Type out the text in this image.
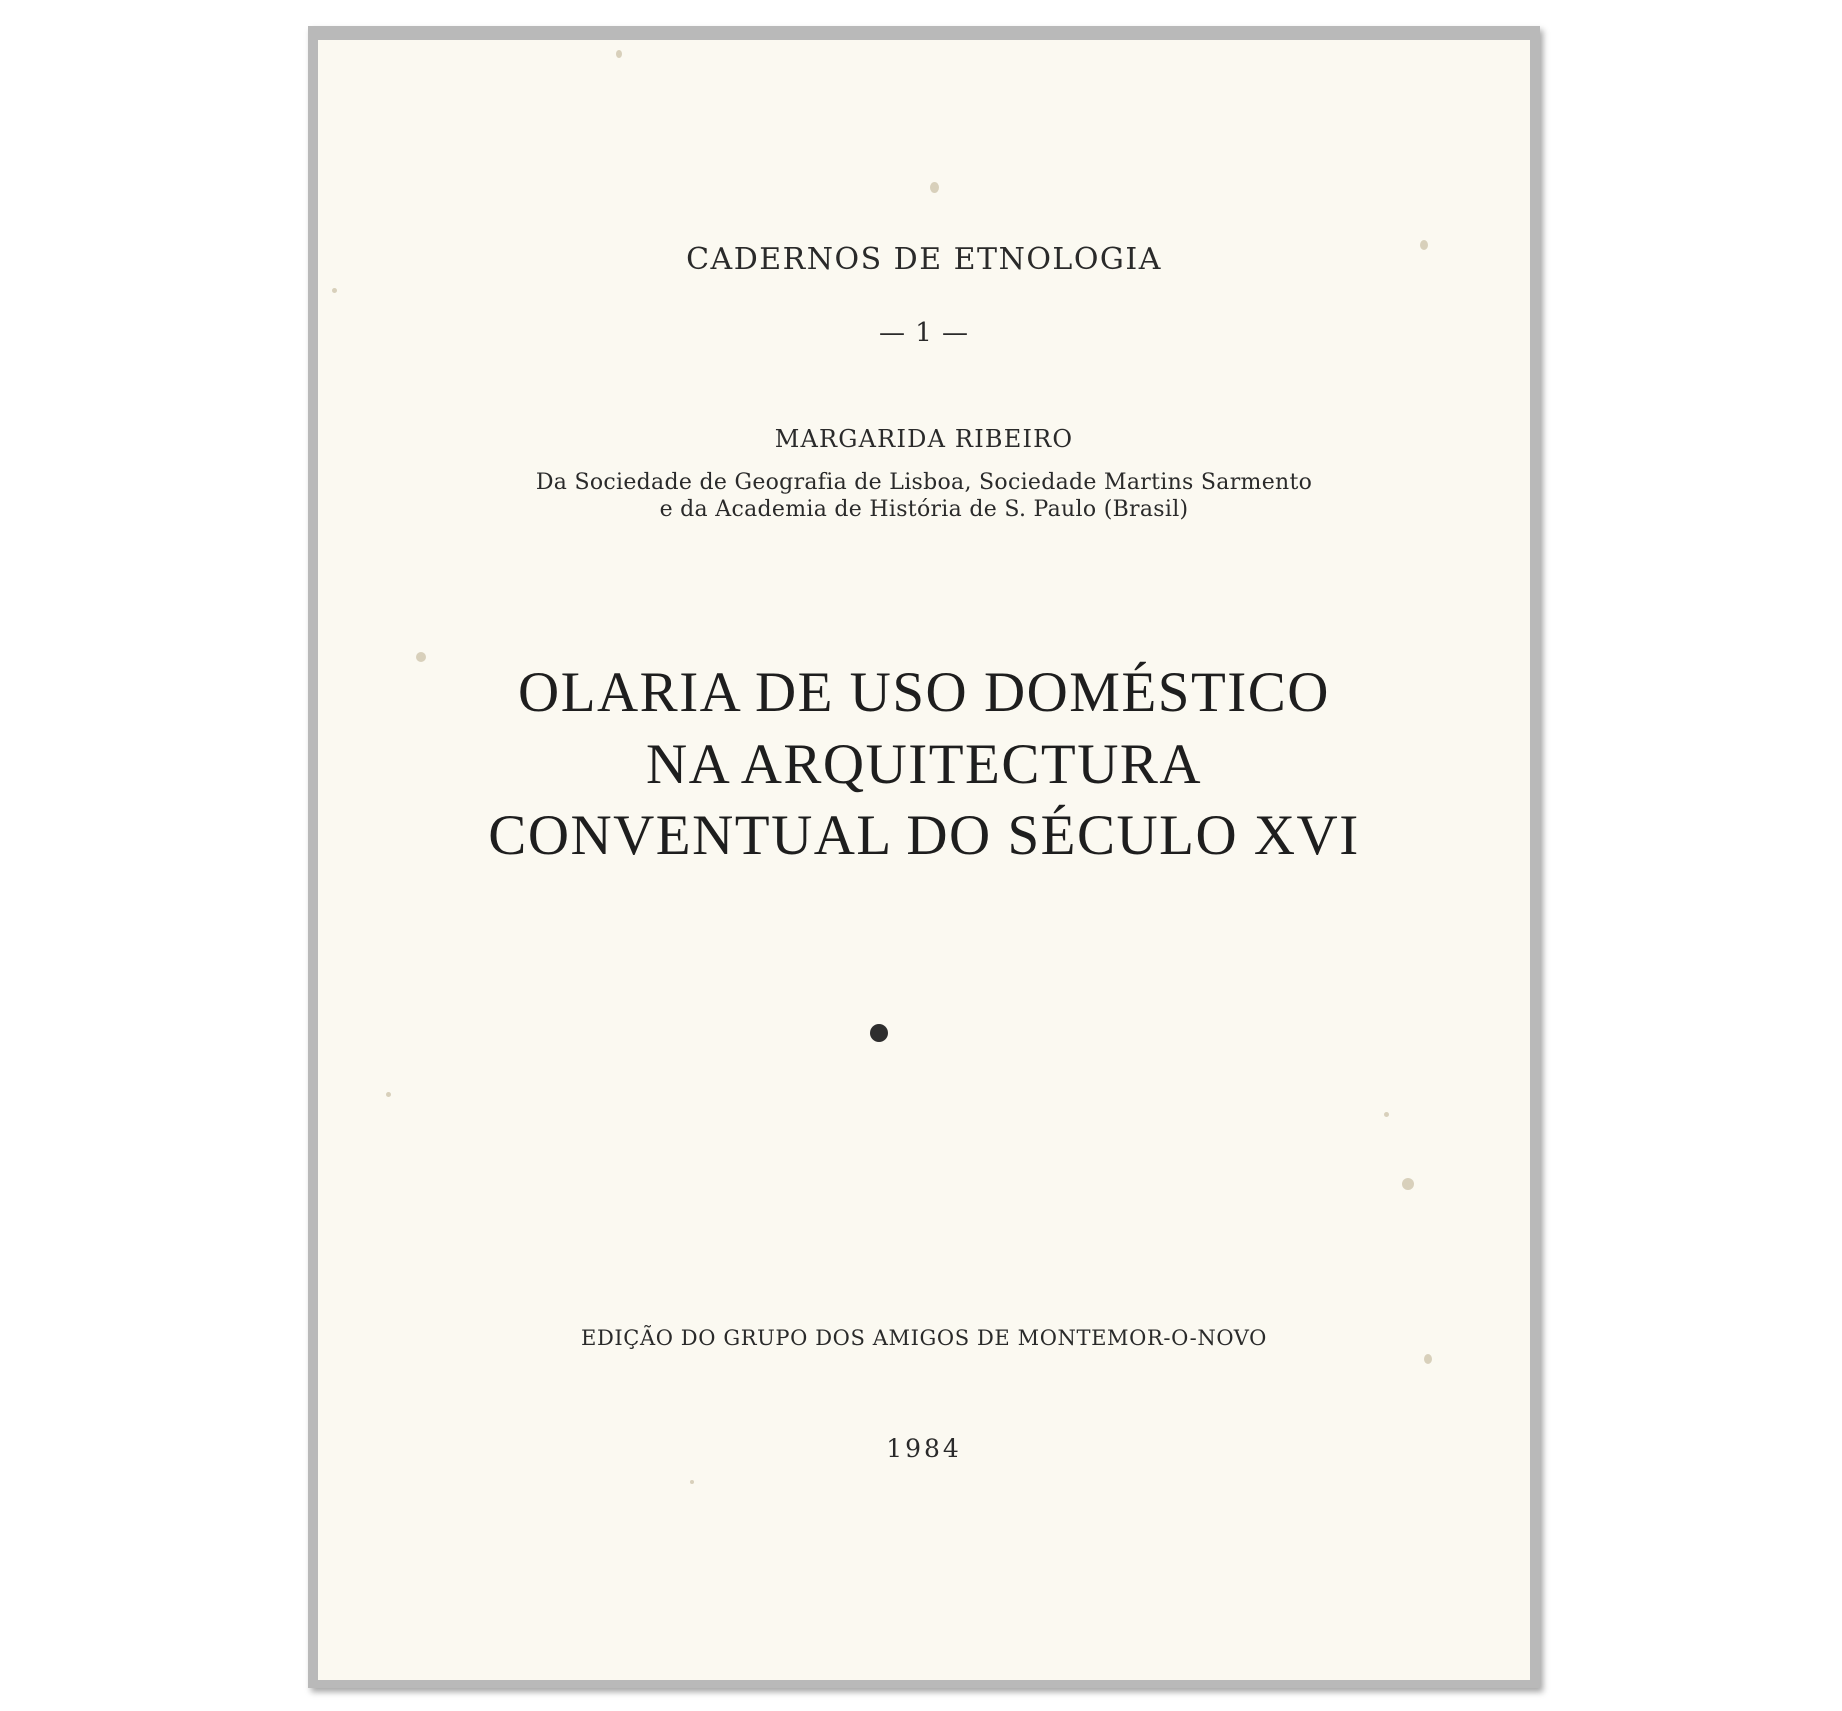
CADERNOS DE ETNOLOGIA

— 1 —

MARGARIDA RIBEIRO

Da Sociedade de Geografia de Lisboa, Sociedade Martins Sarmento

e da Academia de História de S. Paulo (Brasil)

OLARIA DE USO DOMÉSTICO

NA ARQUITECTURA

CONVENTUAL DO SÉCULO XVI

EDIÇÃO DO GRUPO DOS AMIGOS DE MONTEMOR-O-NOVO

1984
